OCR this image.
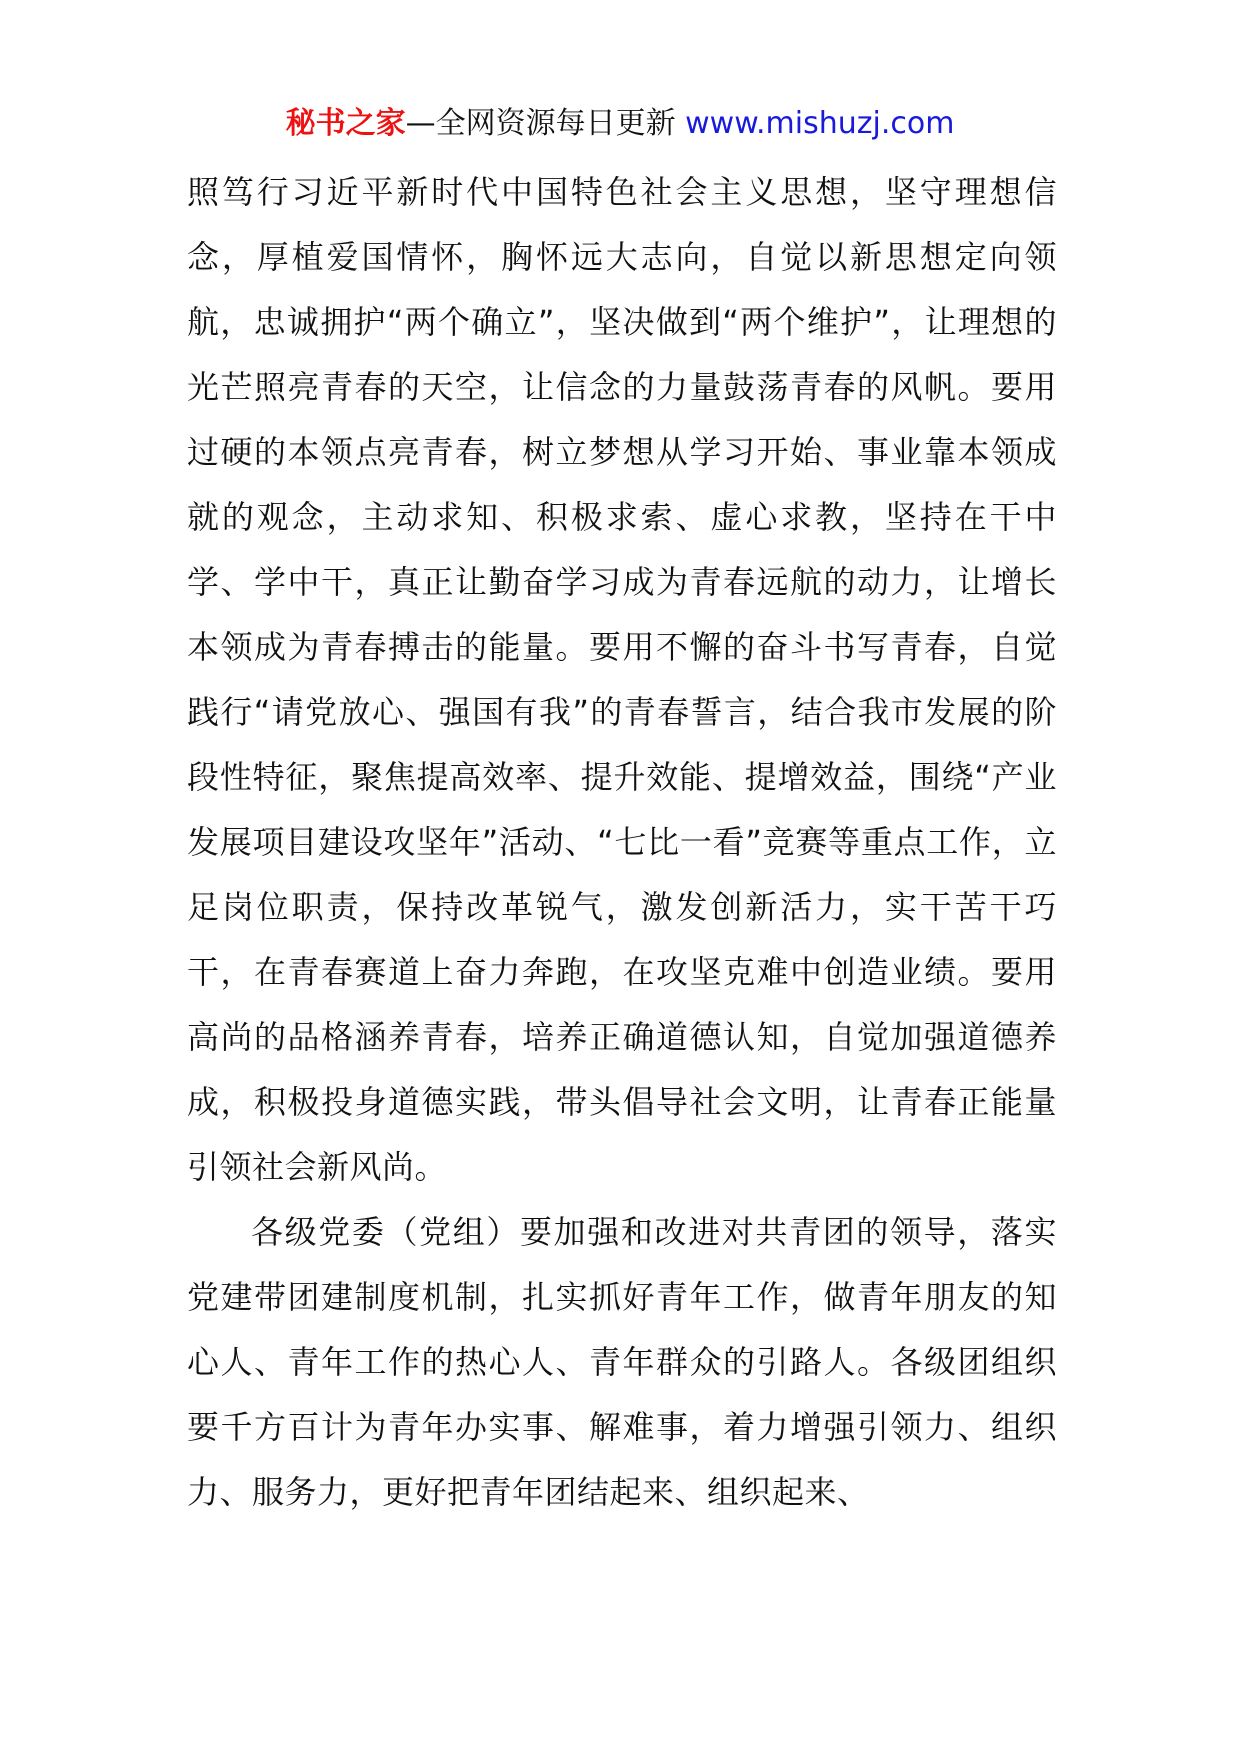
秘书之家—全网资源每日更新 www.mishuzj.com

照笃行习近平新时代中国特色社会主义思想，坚守理想信念，厚植爱国情怀，胸怀远大志向，自觉以新思想定向领航，忠诚拥护“两个确立”，坚决做到“两个维护”，让理想的光芒照亮青春的天空，让信念的力量鼓荡青春的风帆。要用过硬的本领点亮青春，树立梦想从学习开始、事业靠本领成就的观念，主动求知、积极求索、虚心求教，坚持在干中学、学中干，真正让勤奋学习成为青春远航的动力，让增长本领成为青春搏击的能量。要用不懈的奋斗书写青春，自觉践行“请党放心、强国有我”的青春誓言，结合我市发展的阶段性特征，聚焦提高效率、提升效能、提增效益，围绕“产业发展项目建设攻坚年”活动、“七比一看”竞赛等重点工作，立足岗位职责，保持改革锐气，激发创新活力，实干苦干巧干，在青春赛道上奋力奔跑，在攻坚克难中创造业绩。要用高尚的品格涵养青春，培养正确道德认知，自觉加强道德养成，积极投身道德实践，带头倡导社会文明，让青春正能量引领社会新风尚。

各级党委（党组）要加强和改进对共青团的领导，落实党建带团建制度机制，扎实抓好青年工作，做青年朋友的知心人、青年工作的热心人、青年群众的引路人。各级团组织要千方百计为青年办实事、解难事，着力增强引领力、组织力、服务力，更好把青年团结起来、组织起来、
